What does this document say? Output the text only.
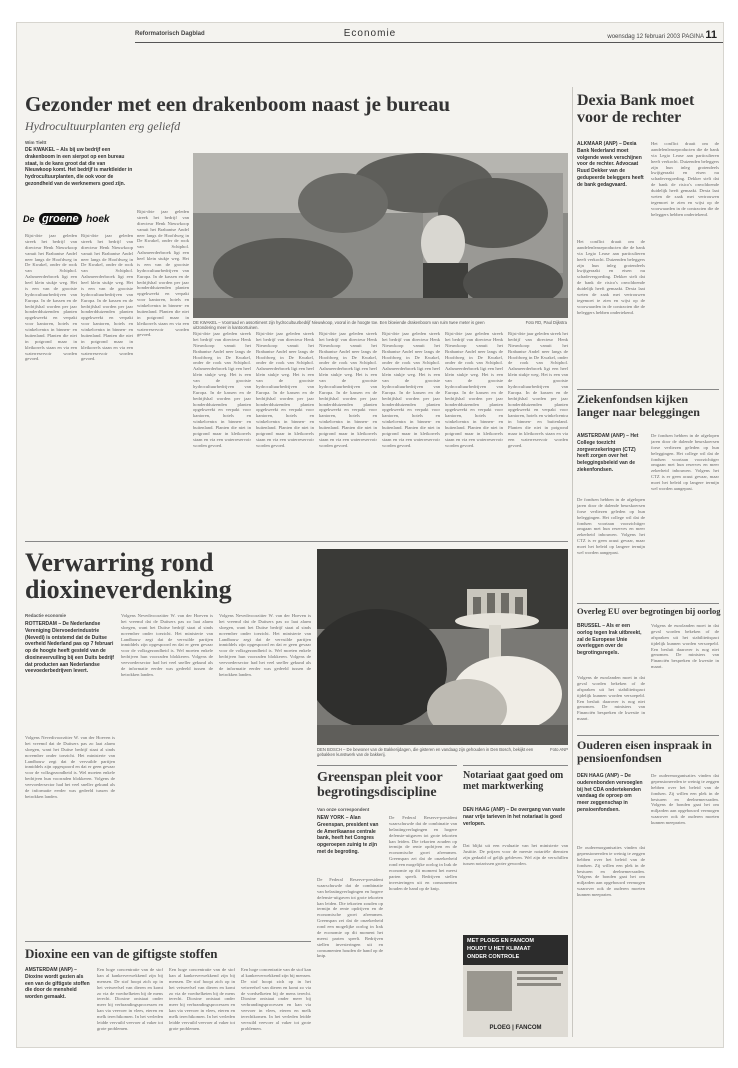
Reformatorisch Dagblad	Economie	woensdag 12 februari 2003 PAGINA 11
Gezonder met een drakenboom naast je bureau
Hydrocultuurplanten erg geliefd
Wim Tieltt
DE KWAKEL – Als bij uw bedrijf een drakenboom in een sierpot op een bureau staat, is de kans groot dat die van Nieuwkoop komt. Het bedrijf is marktleider in hydrocultuurplanten, die ook voor de gezondheid van de werknemers goed zijn.
De groene hoek
Rijst-drie jaar geleden streek het bedrijf van directeur Henk Nieuwkoop vanuit het Brabantse Andel neer langs de Hoofdweg in De Kwakel, onder de rook van Schiphol. Aalsmeerderbroek ligt een heel klein stukje weg. Het is een van de grootste hydrocultuurbedrijven van Europa. In de kassen en de bedrijfshal worden per jaar honderdduizenden planten opgekweekt en verpakt voor kantoren, hotels en winkelcentra in binnen- en buitenland. Planten die niet in potgrond maar in kleikorrels staan en via een waterreservoir worden gevoed.
Rijst-drie jaar geleden streek het bedrijf van directeur Henk Nieuwkoop vanuit het Brabantse Andel neer langs de Hoofdweg in De Kwakel, onder de rook van Schiphol. Aalsmeerderbroek ligt een heel klein stukje weg. Het is een van de grootste hydrocultuurbedrijven van Europa. In de kassen en de bedrijfshal worden per jaar honderdduizenden planten opgekweekt en verpakt voor kantoren, hotels en winkelcentra in binnen- en buitenland. Planten die niet in potgrond maar in kleikorrels staan en via een waterreservoir worden gevoed.
Rijst-drie jaar geleden streek het bedrijf van directeur Henk Nieuwkoop vanuit het Brabantse Andel neer langs de Hoofdweg in De Kwakel, onder de rook van Schiphol. Aalsmeerderbroek ligt een heel klein stukje weg. Het is een van de grootste hydrocultuurbedrijven van Europa. In de kassen en de bedrijfshal worden per jaar honderdduizenden planten opgekweekt en verpakt voor kantoren, hotels en winkelcentra in binnen- en buitenland. Planten die niet in potgrond maar in kleikorrels staan en via een waterreservoir worden gevoed.
DE KWAKEL – Voorraad en assortiment zijn hydrocultuurbedrijf Nieuwkoop, vooral in de hoogte toe. Een bloeiende drakenboom van ruim twee meter is geen uitzondering meer in kantoortuinen.
Foto RD, Paul Dijkstra
Rijst-drie jaar geleden streek het bedrijf van directeur Henk Nieuwkoop vanuit het Brabantse Andel neer langs de Hoofdweg in De Kwakel, onder de rook van Schiphol. Aalsmeerderbroek ligt een heel klein stukje weg. Het is een van de grootste hydrocultuurbedrijven van Europa. In de kassen en de bedrijfshal worden per jaar honderdduizenden planten opgekweekt en verpakt voor kantoren, hotels en winkelcentra in binnen- en buitenland. Planten die niet in potgrond maar in kleikorrels staan en via een waterreservoir worden gevoed.
Rijst-drie jaar geleden streek het bedrijf van directeur Henk Nieuwkoop vanuit het Brabantse Andel neer langs de Hoofdweg in De Kwakel, onder de rook van Schiphol. Aalsmeerderbroek ligt een heel klein stukje weg. Het is een van de grootste hydrocultuurbedrijven van Europa. In de kassen en de bedrijfshal worden per jaar honderdduizenden planten opgekweekt en verpakt voor kantoren, hotels en winkelcentra in binnen- en buitenland. Planten die niet in potgrond maar in kleikorrels staan en via een waterreservoir worden gevoed.
Rijst-drie jaar geleden streek het bedrijf van directeur Henk Nieuwkoop vanuit het Brabantse Andel neer langs de Hoofdweg in De Kwakel, onder de rook van Schiphol. Aalsmeerderbroek ligt een heel klein stukje weg. Het is een van de grootste hydrocultuurbedrijven van Europa. In de kassen en de bedrijfshal worden per jaar honderdduizenden planten opgekweekt en verpakt voor kantoren, hotels en winkelcentra in binnen- en buitenland. Planten die niet in potgrond maar in kleikorrels staan en via een waterreservoir worden gevoed.
Rijst-drie jaar geleden streek het bedrijf van directeur Henk Nieuwkoop vanuit het Brabantse Andel neer langs de Hoofdweg in De Kwakel, onder de rook van Schiphol. Aalsmeerderbroek ligt een heel klein stukje weg. Het is een van de grootste hydrocultuurbedrijven van Europa. In de kassen en de bedrijfshal worden per jaar honderdduizenden planten opgekweekt en verpakt voor kantoren, hotels en winkelcentra in binnen- en buitenland. Planten die niet in potgrond maar in kleikorrels staan en via een waterreservoir worden gevoed.
Rijst-drie jaar geleden streek het bedrijf van directeur Henk Nieuwkoop vanuit het Brabantse Andel neer langs de Hoofdweg in De Kwakel, onder de rook van Schiphol. Aalsmeerderbroek ligt een heel klein stukje weg. Het is een van de grootste hydrocultuurbedrijven van Europa. In de kassen en de bedrijfshal worden per jaar honderdduizenden planten opgekweekt en verpakt voor kantoren, hotels en winkelcentra in binnen- en buitenland. Planten die niet in potgrond maar in kleikorrels staan en via een waterreservoir worden gevoed.
Rijst-drie jaar geleden streek het bedrijf van directeur Henk Nieuwkoop vanuit het Brabantse Andel neer langs de Hoofdweg in De Kwakel, onder de rook van Schiphol. Aalsmeerderbroek ligt een heel klein stukje weg. Het is een van de grootste hydrocultuurbedrijven van Europa. In de kassen en de bedrijfshal worden per jaar honderdduizenden planten opgekweekt en verpakt voor kantoren, hotels en winkelcentra in binnen- en buitenland. Planten die niet in potgrond maar in kleikorrels staan en via een waterreservoir worden gevoed.
Verwarring rond dioxineverdenking
Redactie economie
ROTTERDAM – De Nederlandse Vereniging Diervoederindustrie (Nevedi) is ontstemd dat de Duitse overheid Nederland pas op 7 februari op de hoogte heeft gesteld van de dioxinevervuiling bij een Duits bedrijf dat producten aan Nederlandse veevoederbedrijven levert.
Volgens Nevedivoorzitter W. van der Hoeven is het vreemd dat de Duitsers pas zo laat alarm sloegen, want het Duitse bedrijf staat al sinds november onder toezicht. Het ministerie van Landbouw zegt dat de vervuilde partijen inmiddels zijn opgespoord en dat er geen gevaar voor de volksgezondheid is. Wel moeten enkele bedrijven hun voorraden blokkeren. Volgens de veevoedersector had het veel sneller gekund als de informatie eerder was gedeeld tussen de betrokken landen.
Volgens Nevedivoorzitter W. van der Hoeven is het vreemd dat de Duitsers pas zo laat alarm sloegen, want het Duitse bedrijf staat al sinds november onder toezicht. Het ministerie van Landbouw zegt dat de vervuilde partijen inmiddels zijn opgespoord en dat er geen gevaar voor de volksgezondheid is. Wel moeten enkele bedrijven hun voorraden blokkeren. Volgens de veevoedersector had het veel sneller gekund als de informatie eerder was gedeeld tussen de betrokken landen.
Volgens Nevedivoorzitter W. van der Hoeven is het vreemd dat de Duitsers pas zo laat alarm sloegen, want het Duitse bedrijf staat al sinds november onder toezicht. Het ministerie van Landbouw zegt dat de vervuilde partijen inmiddels zijn opgespoord en dat er geen gevaar voor de volksgezondheid is. Wel moeten enkele bedrijven hun voorraden blokkeren. Volgens de veevoedersector had het veel sneller gekund als de informatie eerder was gedeeld tussen de betrokken landen.
DEN BOSCH – De bewoner van de Bakkerijdagen, die gisteren en vandaag zijn gehouden in Den Bosch, bekijkt een gebakken kunstwerk van de bakkerij.
Foto ANP
Greenspan pleit voor begrotingsdiscipline
Van onze correspondent
NEW YORK – Alan Greenspan, president van de Amerikaanse centrale bank, heeft het Congres opgeroepen zuinig te zijn met de begroting.
De Federal Reserve-president waarschuwde dat de combinatie van belastingverlagingen en hogere defensie-uitgaven tot grote tekorten kan leiden. Die tekorten zouden op termijn de rente opdrijven en de economische groei afremmen. Greenspan zei dat de onzekerheid rond een mogelijke oorlog in Irak de economie op dit moment het meest parten speelt. Bedrijven stellen investeringen uit en consumenten houden de hand op de knip.
De Federal Reserve-president waarschuwde dat de combinatie van belastingverlagingen en hogere defensie-uitgaven tot grote tekorten kan leiden. Die tekorten zouden op termijn de rente opdrijven en de economische groei afremmen. Greenspan zei dat de onzekerheid rond een mogelijke oorlog in Irak de economie op dit moment het meest parten speelt. Bedrijven stellen investeringen uit en consumenten houden de hand op de knip.
Notariaat gaat goed om met marktwerking
DEN HAAG (ANP) – De overgang van vaste naar vrije tarieven in het notariaat is goed verlopen.
Dat blijkt uit een evaluatie van het ministerie van Justitie. De prijzen voor de meeste notariële diensten zijn gedaald of gelijk gebleven. Wel zijn de verschillen tussen notarissen groter geworden.
MET PLOEG EN FANCOM
HOUDT U HET KLIMAAT
ONDER CONTROLE
PLOEG | FANCOM
Dioxine een van de giftigste stoffen
AMSTERDAM (ANP) – Dioxine wordt gezien als een van de giftigste stoffen die door de mensheid worden gemaakt.
Een hoge concentratie van de stof kan al kankerverwekkend zijn bij mensen. De stof hoopt zich op in het vetweefsel van dieren en komt zo via de voedselketen bij de mens terecht. Dioxine ontstaat onder meer bij verbrandingsprocessen en kan via veevoer in vlees, eieren en melk terechtkomen. In het verleden leidde vervuild veevoer al vaker tot grote problemen.
Een hoge concentratie van de stof kan al kankerverwekkend zijn bij mensen. De stof hoopt zich op in het vetweefsel van dieren en komt zo via de voedselketen bij de mens terecht. Dioxine ontstaat onder meer bij verbrandingsprocessen en kan via veevoer in vlees, eieren en melk terechtkomen. In het verleden leidde vervuild veevoer al vaker tot grote problemen.
Een hoge concentratie van de stof kan al kankerverwekkend zijn bij mensen. De stof hoopt zich op in het vetweefsel van dieren en komt zo via de voedselketen bij de mens terecht. Dioxine ontstaat onder meer bij verbrandingsprocessen en kan via veevoer in vlees, eieren en melk terechtkomen. In het verleden leidde vervuild veevoer al vaker tot grote problemen.
Dexia Bank moet voor de rechter
ALKMAAR (ANP) – Dexia Bank Nederland moet volgende week verschijnen voor de rechter. Advocaat Ruud Dekker van de gedupeerde beleggers heeft de bank gedagvaard.
Het conflict draait om de aandelenleaseproducten die de bank via Legio Lease aan particulieren heeft verkocht. Duizenden beleggers zijn hun inleg grotendeels kwijtgeraakt en eisen nu schadevergoeding. Dekker stelt dat de bank de risico's onvoldoende duidelijk heeft gemaakt. Dexia laat weten de zaak met vertrouwen tegemoet te zien en wijst op de voorwaarden in de contracten die de beleggers hebben ondertekend.
Het conflict draait om de aandelenleaseproducten die de bank via Legio Lease aan particulieren heeft verkocht. Duizenden beleggers zijn hun inleg grotendeels kwijtgeraakt en eisen nu schadevergoeding. Dekker stelt dat de bank de risico's onvoldoende duidelijk heeft gemaakt. Dexia laat weten de zaak met vertrouwen tegemoet te zien en wijst op de voorwaarden in de contracten die de beleggers hebben ondertekend.
Ziekenfondsen kijken langer naar beleggingen
AMSTERDAM (ANP) – Het College toezicht zorgverzekeringen (CTZ) heeft zorgen over het beleggingsbeleid van de ziekenfondsen.
De fondsen hebben in de afgelopen jaren door de dalende beurskoersen forse verliezen geleden op hun beleggingen. Het college wil dat de fondsen voortaan voorzichtiger omgaan met hun reserves en meer zekerheid inbouwen. Volgens het CTZ is er geen acuut gevaar, maar moet het beleid op langere termijn wel worden aangepast.
De fondsen hebben in de afgelopen jaren door de dalende beurskoersen forse verliezen geleden op hun beleggingen. Het college wil dat de fondsen voortaan voorzichtiger omgaan met hun reserves en meer zekerheid inbouwen. Volgens het CTZ is er geen acuut gevaar, maar moet het beleid op langere termijn wel worden aangepast.
Overleg EU over begrotingen bij oorlog
BRUSSEL – Als er een oorlog tegen Irak uitbreekt, zal de Europese Unie overleggen over de begrotingsregels.
Volgens de eurolanden moet in dat geval worden bekeken of de afspraken uit het stabiliteitspact tijdelijk kunnen worden versoepeld. Een besluit daarover is nog niet genomen. De ministers van Financiën bespreken de kwestie in maart.
Volgens de eurolanden moet in dat geval worden bekeken of de afspraken uit het stabiliteitspact tijdelijk kunnen worden versoepeld. Een besluit daarover is nog niet genomen. De ministers van Financiën bespreken de kwestie in maart.
Ouderen eisen inspraak in pensioenfondsen
DEN HAAG (ANP) – De ouderenbonden vervoeglen bij het CDA ondertekenden vandaag de oproep om meer zeggenschap in pensioenfondsen.
De ouderenorganisaties vinden dat gepensioneerden te weinig te zeggen hebben over het beleid van de fondsen. Zij willen een plek in de besturen en deelnemersraden. Volgens de bonden gaat het om miljarden aan opgebouwd vermogen waarover ook de ouderen moeten kunnen meepraten.
De ouderenorganisaties vinden dat gepensioneerden te weinig te zeggen hebben over het beleid van de fondsen. Zij willen een plek in de besturen en deelnemersraden. Volgens de bonden gaat het om miljarden aan opgebouwd vermogen waarover ook de ouderen moeten kunnen meepraten.
